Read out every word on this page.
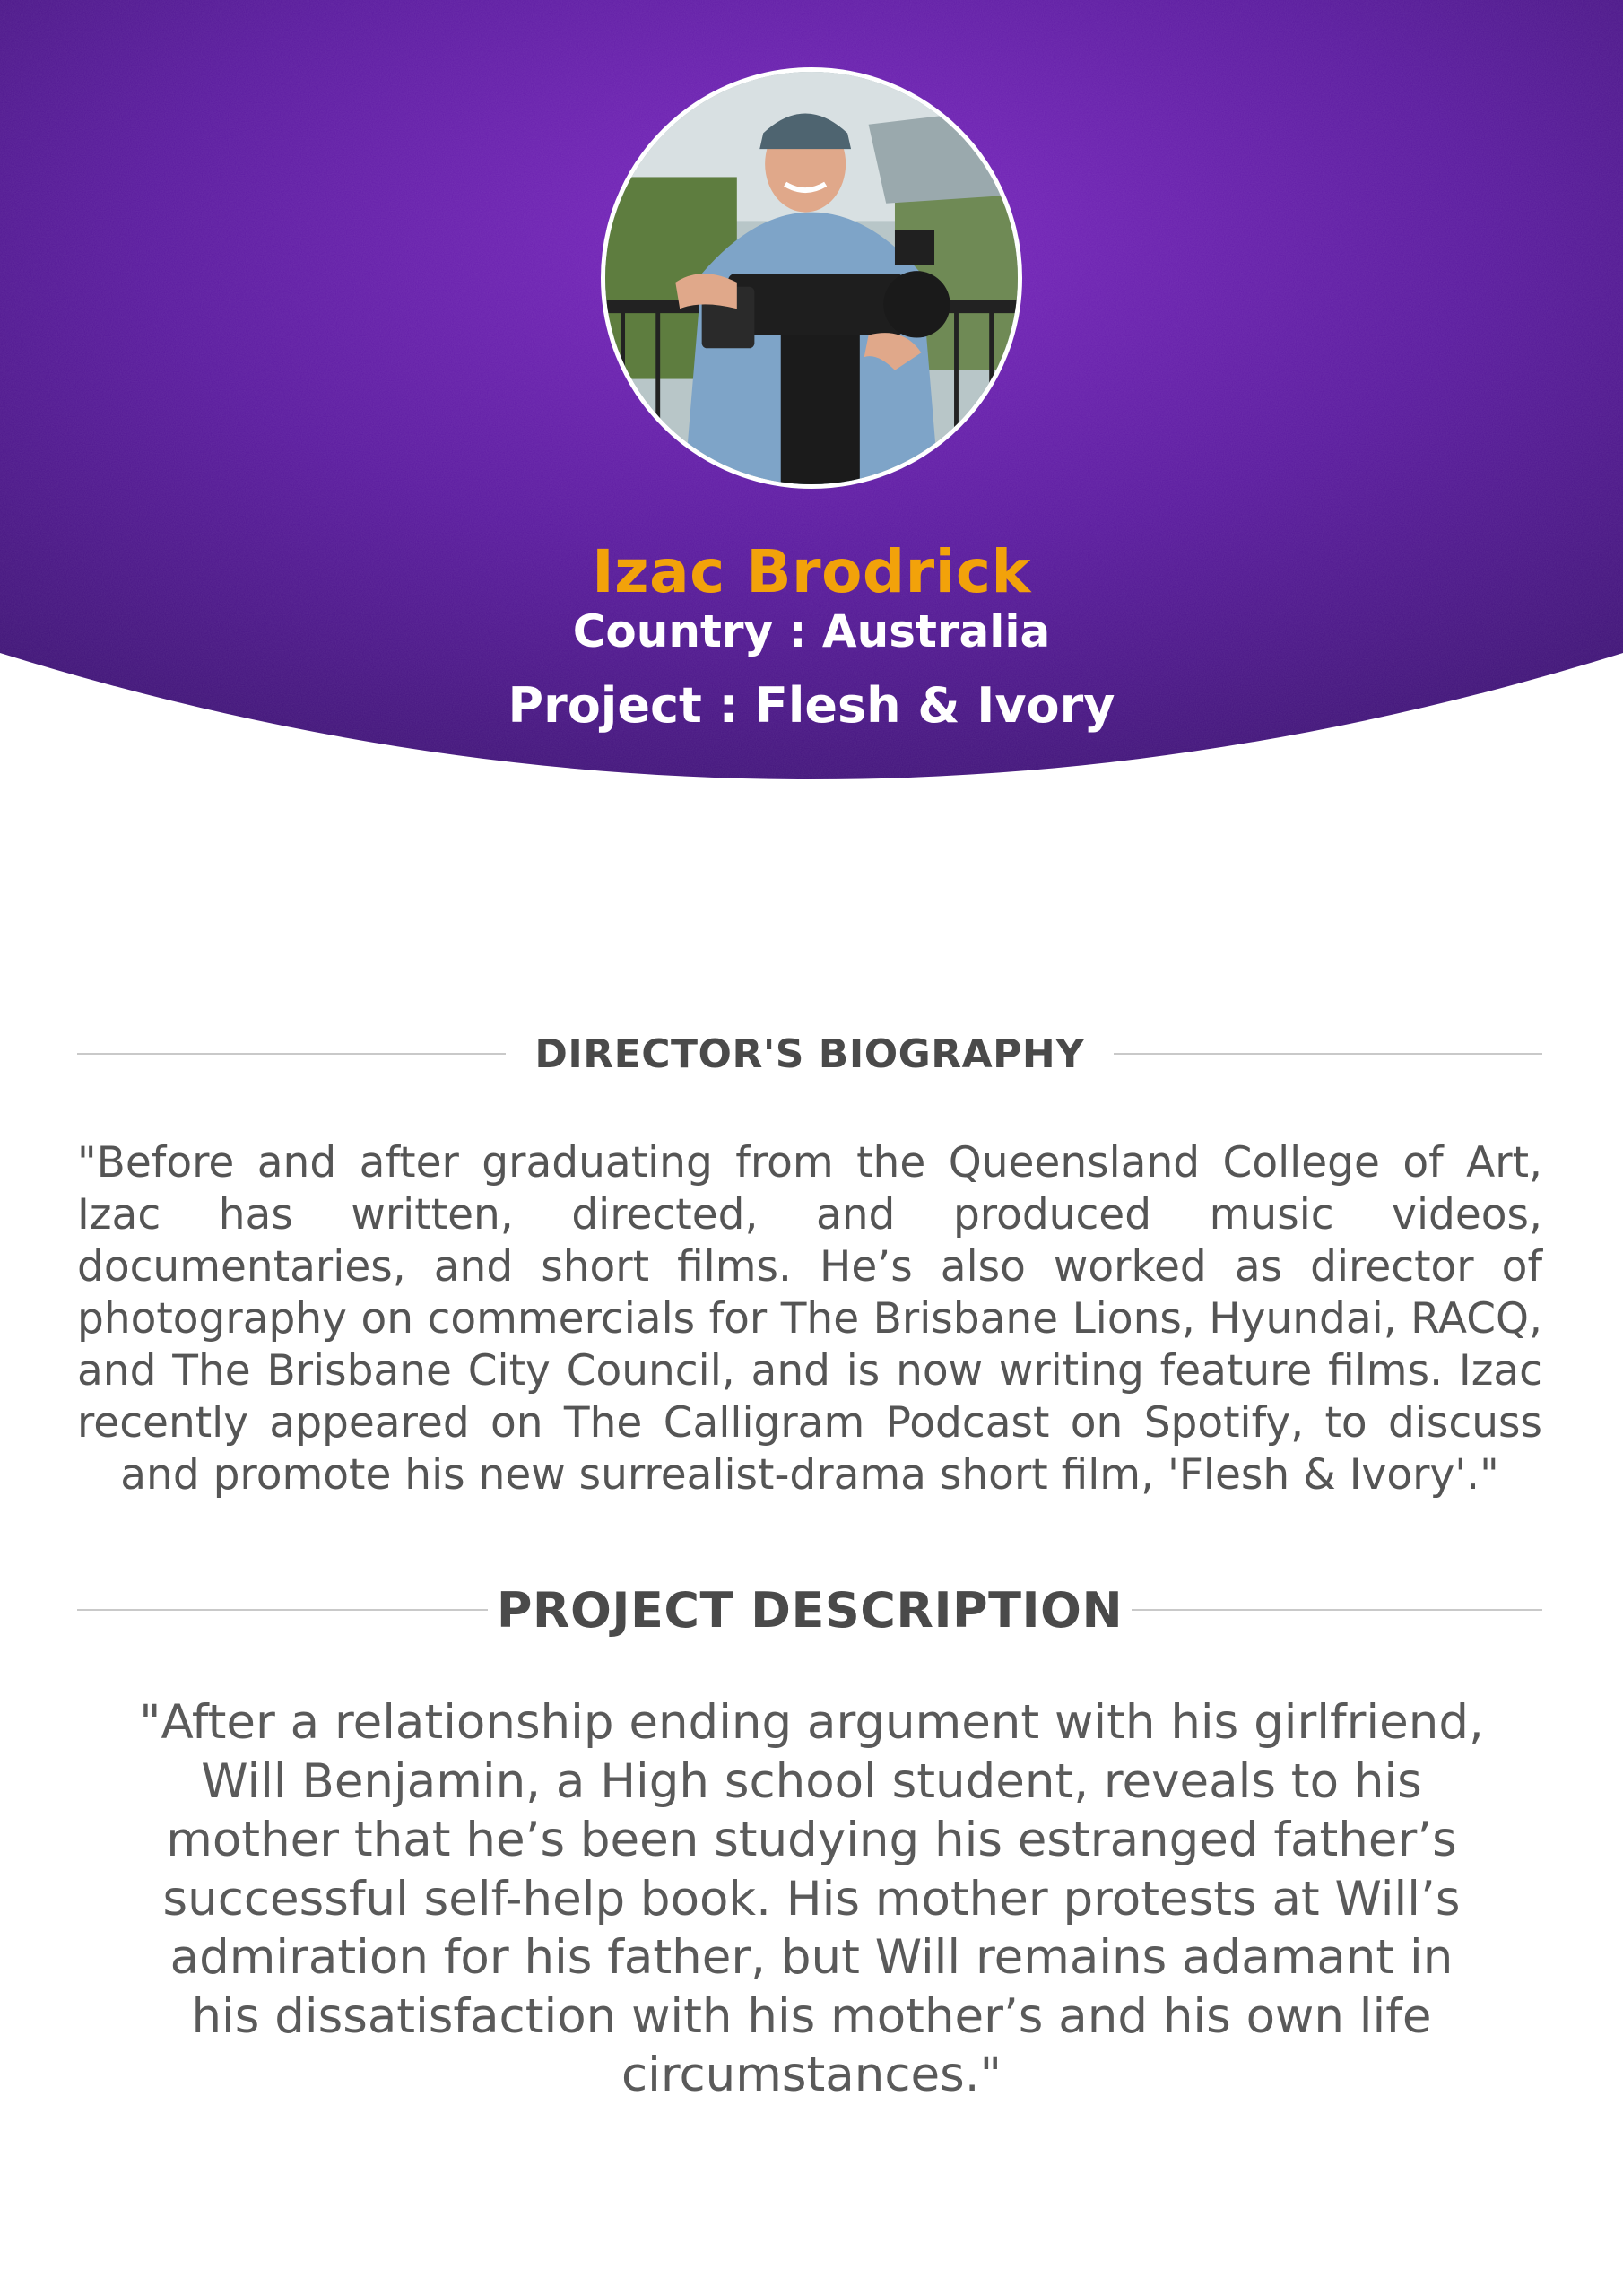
Izac Brodrick
Country : Australia
Project : Flesh & Ivory
DIRECTOR'S BIOGRAPHY
"Before and after graduating from the Queensland College of Art, Izac has written, directed, and produced music videos, documentaries, and short films. He’s also worked as director of photography on commercials for The Brisbane Lions, Hyundai, RACQ, and The Brisbane City Council, and is now writing feature films. Izac recently appeared on The Calligram Podcast on Spotify, to discuss and promote his new surrealist-drama short film, 'Flesh & Ivory'."
PROJECT DESCRIPTION
"After a relationship ending argument with his girlfriend, Will Benjamin, a High school student, reveals to his mother that he’s been studying his estranged father’s successful self-help book. His mother protests at Will’s admiration for his father, but Will remains adamant in his dissatisfaction with his mother’s and his own life circumstances."
